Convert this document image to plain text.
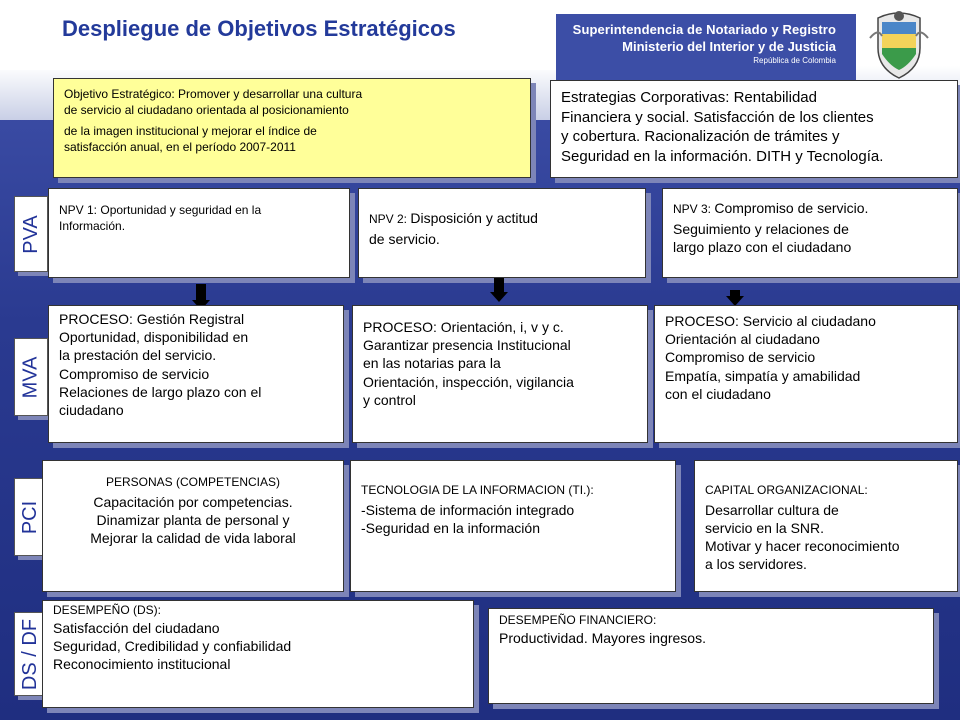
Despliegue de Objetivos Estratégicos	Superintendencia de Notariado y Registro
Ministerio del Interior y de Justicia
República de Colombia
PVA
MVA
PCI
DS / DF
Objetivo Estratégico: Promover y desarrollar una cultura
de servicio al ciudadano orientada al posicionamiento
de la imagen institucional y mejorar el índice de
satisfacción anual, en el período 2007-2011
Estrategias Corporativas: Rentabilidad
Financiera y social. Satisfacción de los clientes
y cobertura. Racionalización de trámites y
Seguridad en la información. DITH y Tecnología.
NPV 1: Oportunidad y seguridad en la
Información.	NPV 2: Disposición y actitud
de servicio.
NPV 3: Compromiso de servicio.
Seguimiento y relaciones de
largo plazo con el ciudadano
PROCESO: Gestión Registral
Oportunidad, disponibilidad en
la prestación del servicio.
Compromiso de servicio
Relaciones de largo plazo con el
ciudadano
PROCESO: Orientación, i, v y c.
Garantizar presencia Institucional
en las notarias para la
Orientación, inspección, vigilancia
y control
PROCESO: Servicio al ciudadano
Orientación al ciudadano
Compromiso de servicio
Empatía, simpatía y amabilidad
con el ciudadano
PERSONAS (COMPETENCIAS)
Capacitación por competencias.
Dinamizar planta de personal y
Mejorar la calidad de vida laboral
TECNOLOGIA DE LA INFORMACION (TI.):
-Sistema de información integrado
-Seguridad en la información
CAPITAL ORGANIZACIONAL:
Desarrollar cultura de
servicio en la SNR.
Motivar y hacer reconocimiento
a los servidores.
DESEMPEÑO (DS):
Satisfacción del ciudadano
Seguridad, Credibilidad y confiabilidad
Reconocimiento institucional
DESEMPEÑO FINANCIERO:
Productividad. Mayores ingresos.
